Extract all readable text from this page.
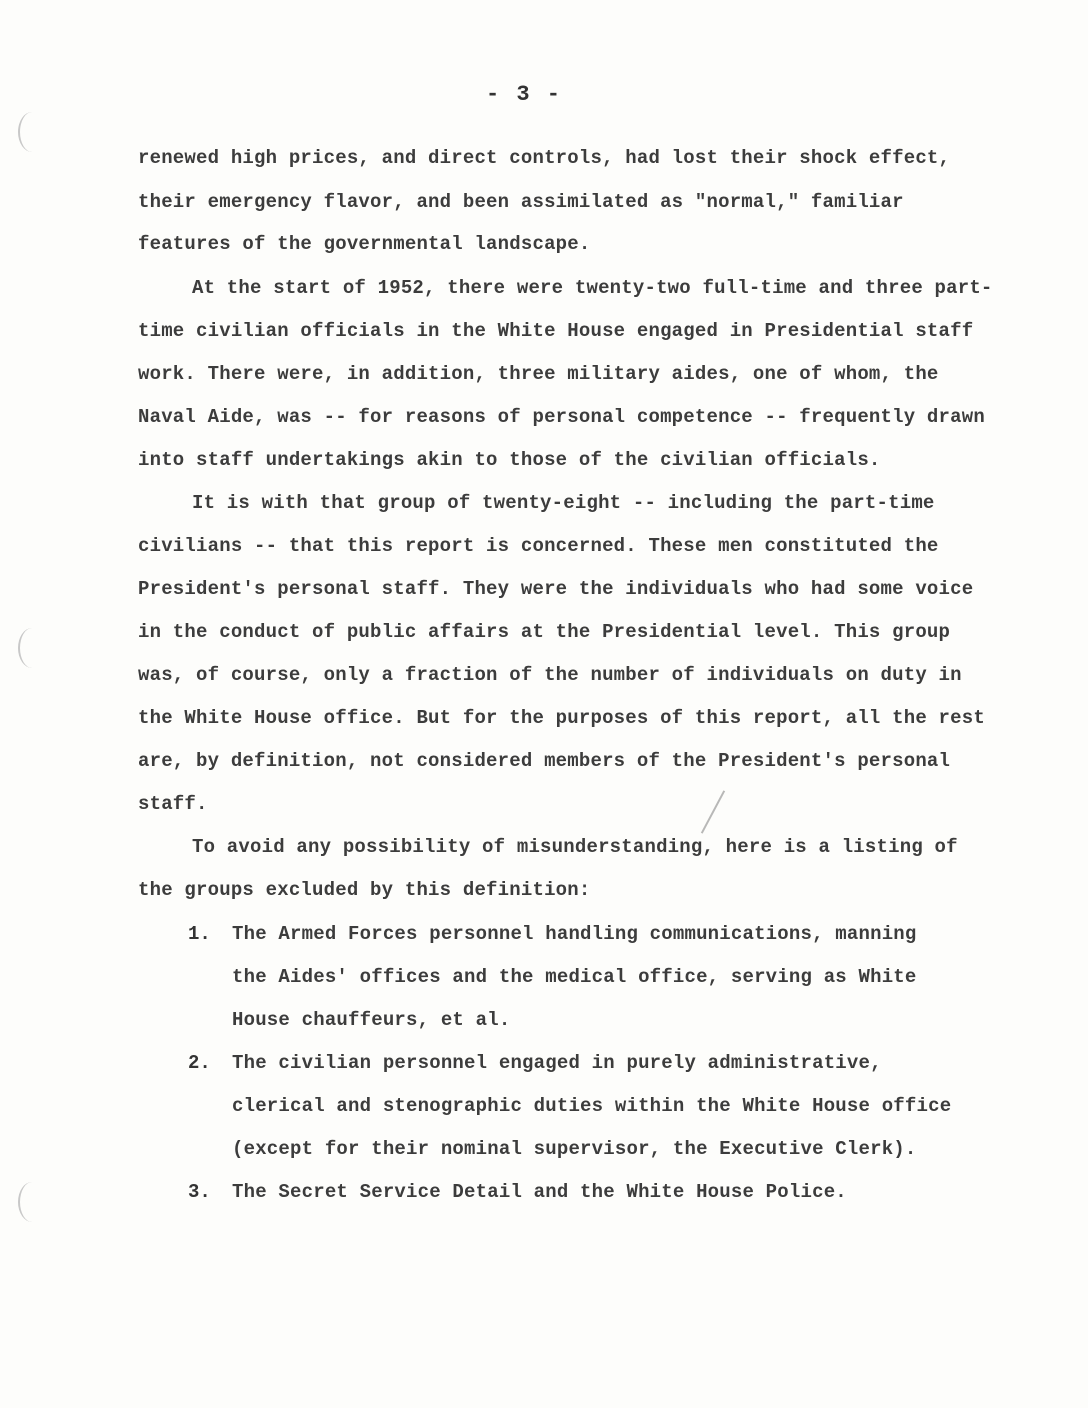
- 3 -
renewed high prices, and direct controls, had lost their shock effect,
their emergency flavor, and been assimilated as "normal," familiar
features of the governmental landscape.
At the start of 1952, there were twenty-two full-time and three part-
time civilian officials in the White House engaged in Presidential staff
work. There were, in addition, three military aides, one of whom, the
Naval Aide, was -- for reasons of personal competence -- frequently drawn
into staff undertakings akin to those of the civilian officials.
It is with that group of twenty-eight -- including the part-time
civilians -- that this report is concerned. These men constituted the
President's personal staff. They were the individuals who had some voice
in the conduct of public affairs at the Presidential level. This group
was, of course, only a fraction of the number of individuals on duty in
the White House office. But for the purposes of this report, all the rest
are, by definition, not considered members of the President's personal
staff.
To avoid any possibility of misunderstanding, here is a listing of
the groups excluded by this definition:
1. The Armed Forces personnel handling communications, manning
the Aides' offices and the medical office, serving as White
House chauffeurs, et al.
2. The civilian personnel engaged in purely administrative,
clerical and stenographic duties within the White House office
(except for their nominal supervisor, the Executive Clerk).
3. The Secret Service Detail and the White House Police.
